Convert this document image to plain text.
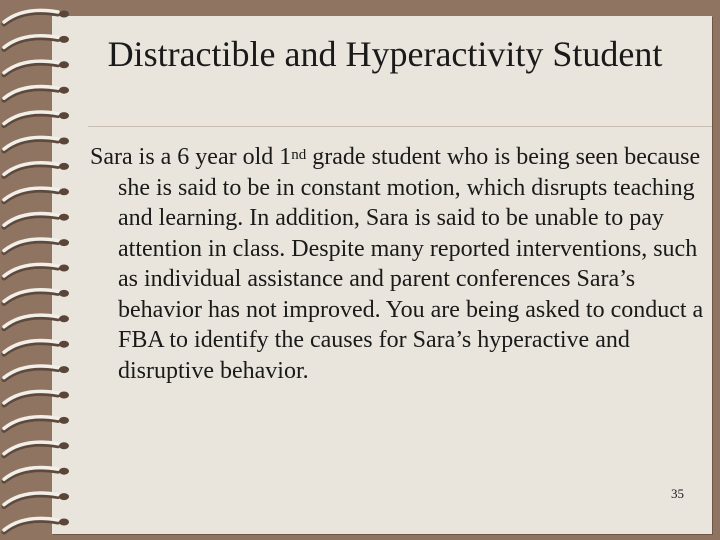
Distractible and Hyperactivity Student

Sara is a 6 year old 1nd grade student who is being seen because she is said to be in constant motion, which disrupts teaching and learning. In addition, Sara is said to be unable to pay attention in class. Despite many reported interventions, such as individual assistance and parent conferences Sara’s behavior has not improved. You are being asked to conduct a FBA to identify the causes for Sara’s hyperactive and disruptive behavior.

35
